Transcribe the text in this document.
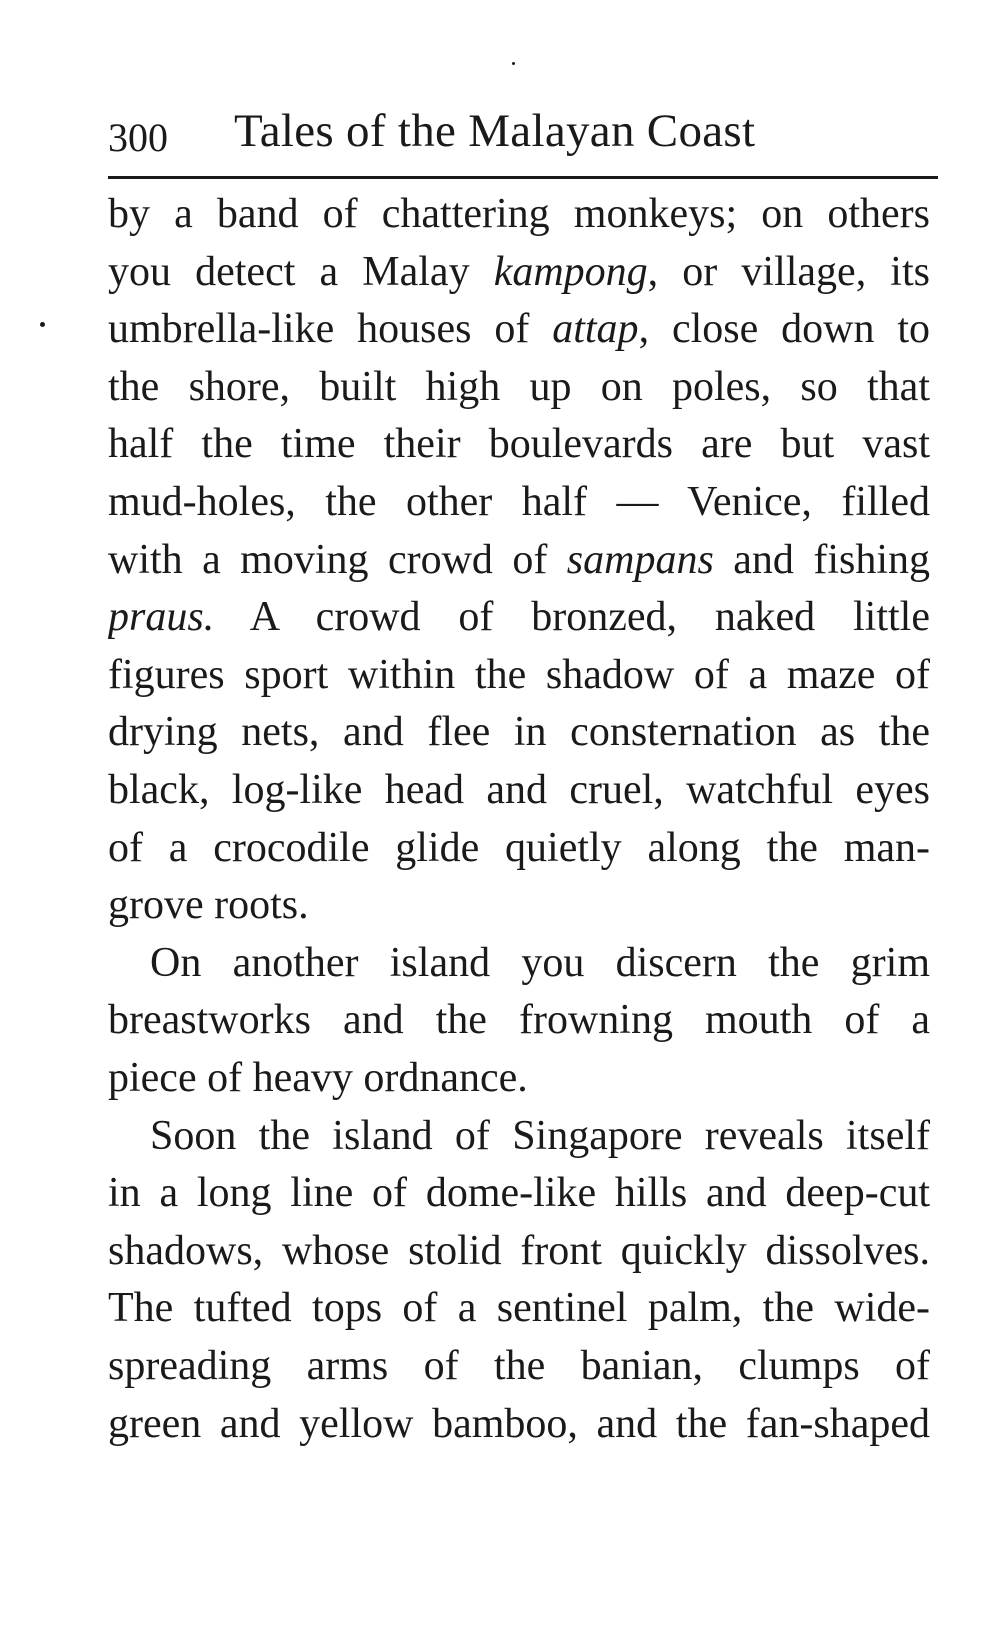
300 Tales of the Malayan Coast
by a band of chattering monkeys; on others
you detect a Malay kampong, or village, its
umbrella-like houses of attap, close down to
the shore, built high up on poles, so that
half the time their boulevards are but vast
mud-holes, the other half — Venice, filled
with a moving crowd of sampans and fishing
praus. A crowd of bronzed, naked little
figures sport within the shadow of a maze of
drying nets, and flee in consternation as the
black, log-like head and cruel, watchful eyes
of a crocodile glide quietly along the man-
grove roots.
On another island you discern the grim
breastworks and the frowning mouth of a
piece of heavy ordnance.
Soon the island of Singapore reveals itself
in a long line of dome-like hills and deep-cut
shadows, whose stolid front quickly dissolves.
The tufted tops of a sentinel palm, the wide-
spreading arms of the banian, clumps of
green and yellow bamboo, and the fan-shaped
